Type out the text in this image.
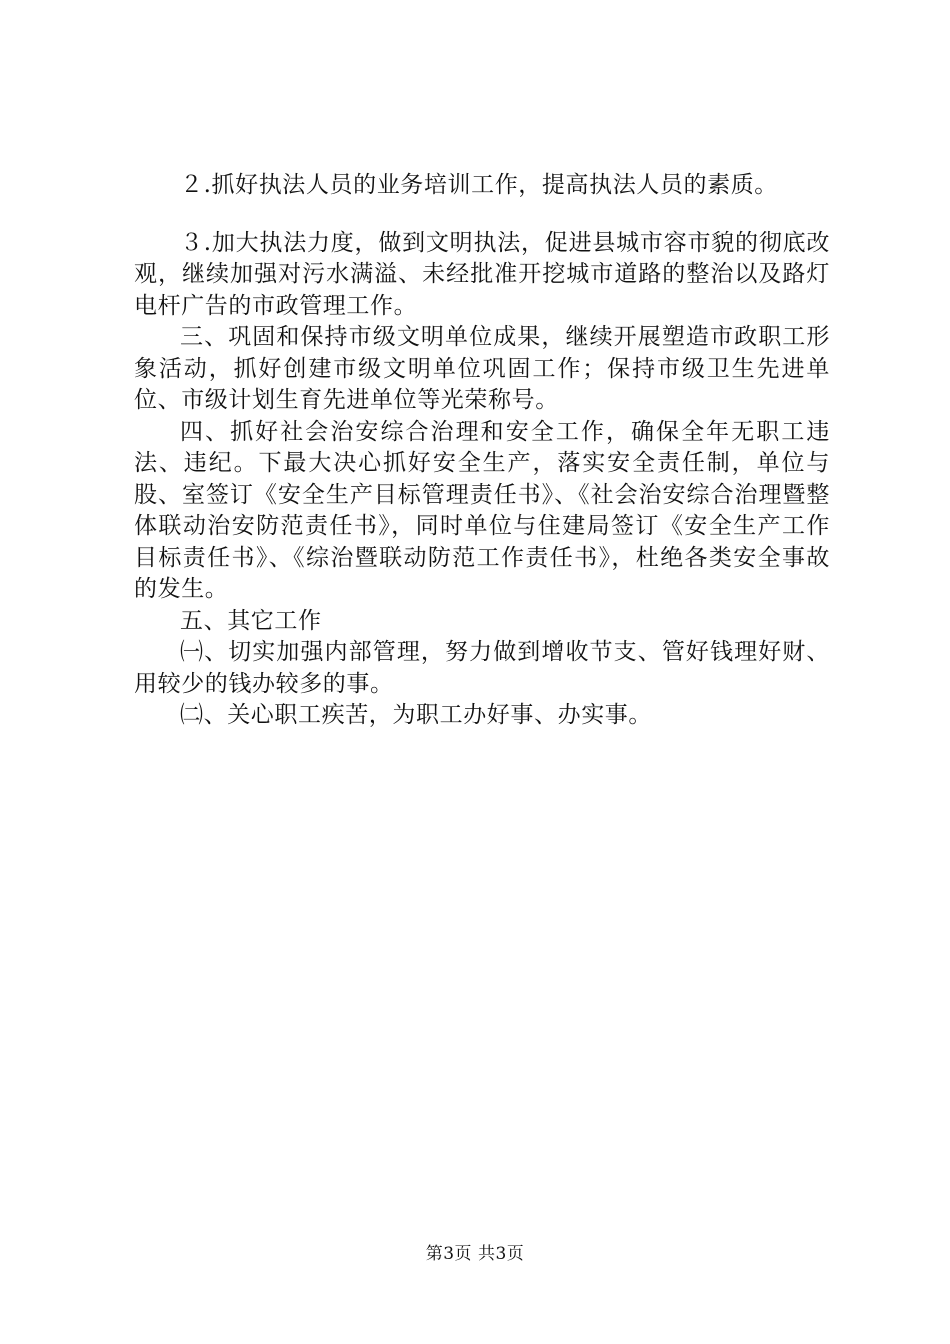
２.抓好执法人员的业务培训工作，提高执法人员的素质。

３.加大执法力度，做到文明执法，促进县城市容市貌的彻底改观，继续加强对污水满溢、未经批准开挖城市道路的整治以及路灯电杆广告的市政管理工作。

三、巩固和保持市级文明单位成果，继续开展塑造市政职工形象活动，抓好创建市级文明单位巩固工作；保持市级卫生先进单位、市级计划生育先进单位等光荣称号。

四、抓好社会治安综合治理和安全工作，确保全年无职工违法、违纪。下最大决心抓好安全生产，落实安全责任制，单位与股、室签订《安全生产目标管理责任书》、《社会治安综合治理暨整体联动治安防范责任书》，同时单位与住建局签订《安全生产工作目标责任书》、《综治暨联动防范工作责任书》，杜绝各类安全事故的发生。

五、其它工作

㈠、切实加强内部管理，努力做到增收节支、管好钱理好财、用较少的钱办较多的事。

㈡、关心职工疾苦，为职工办好事、办实事。

第3页 共3页
